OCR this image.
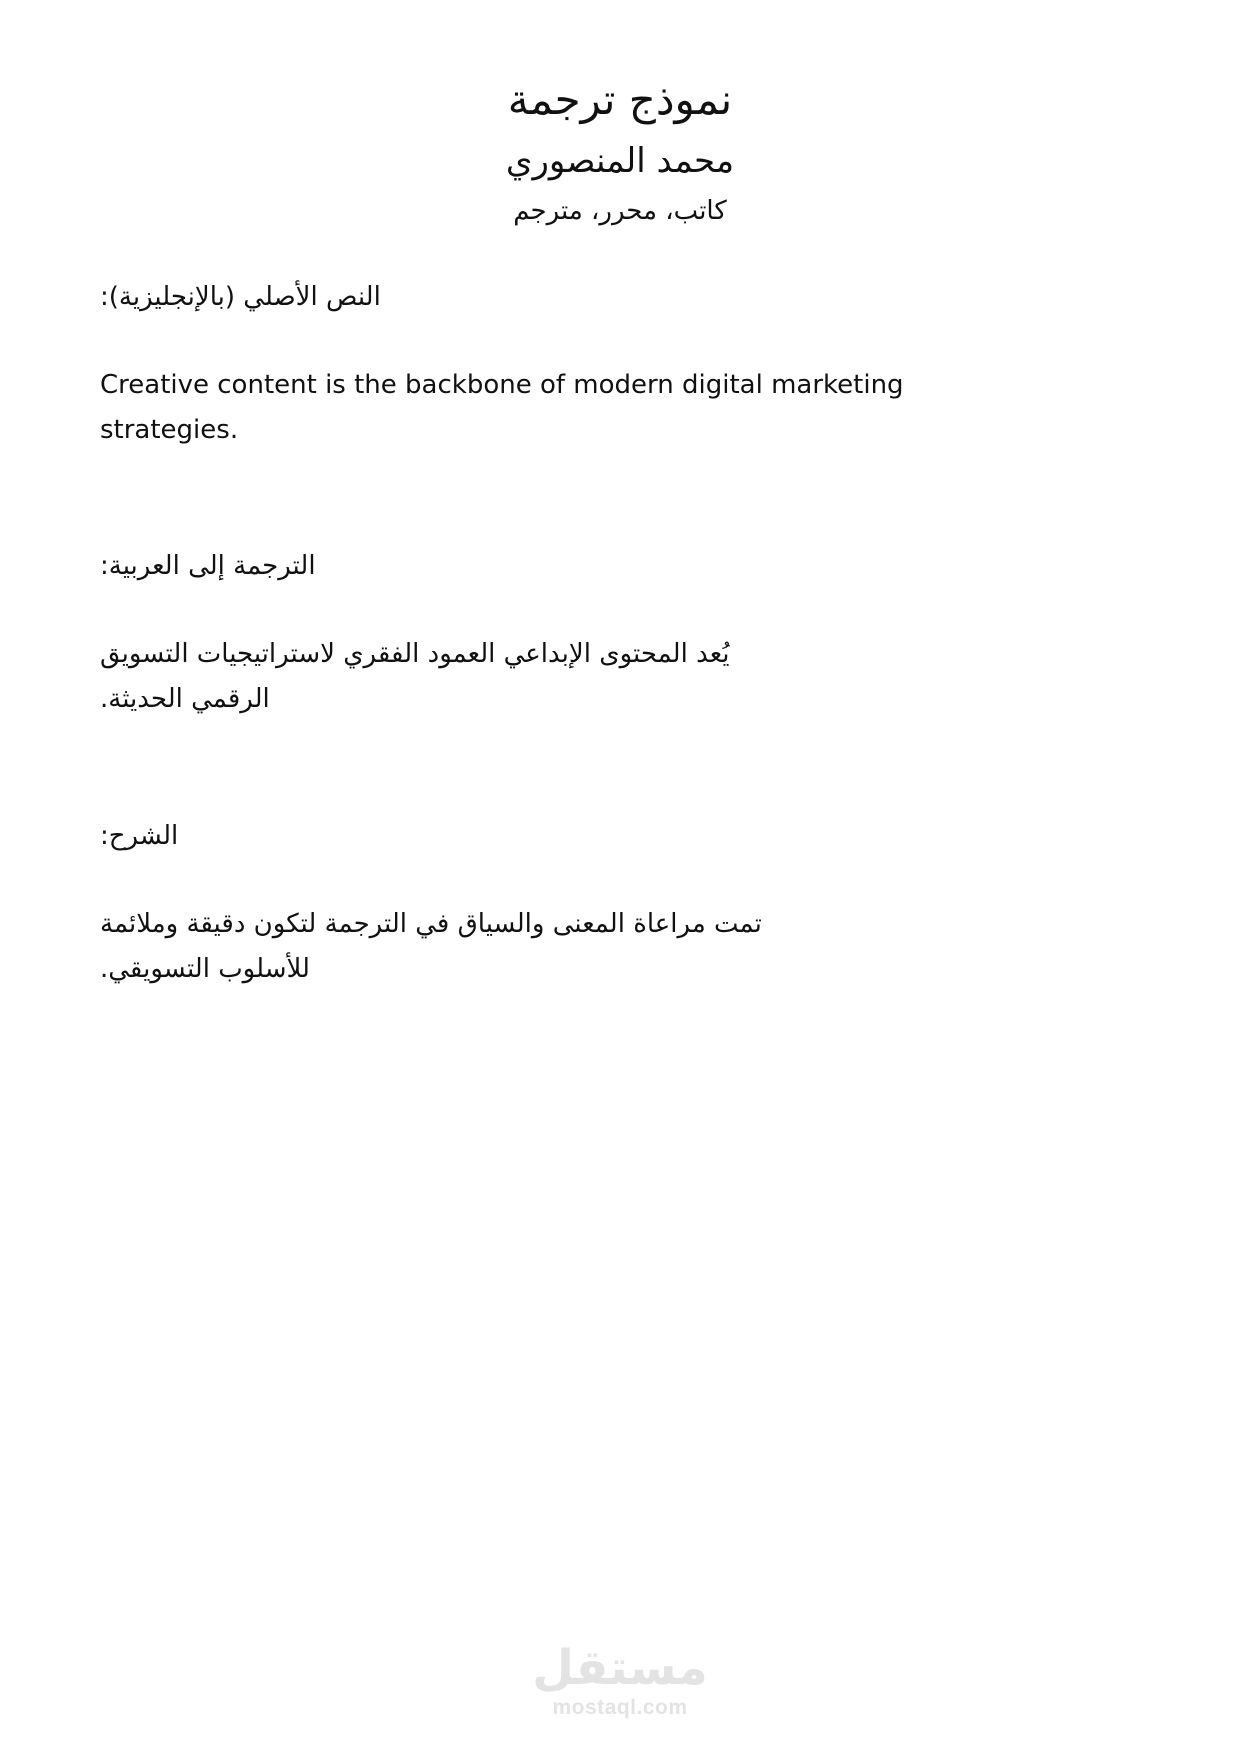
نموذج ترجمة
محمد المنصوري
كاتب، محرر، مترجم
النص الأصلي (بالإنجليزية):
Creative content is the backbone of modern digital marketing
strategies.
الترجمة إلى العربية:
يُعد المحتوى الإبداعي العمود الفقري لاستراتيجيات التسويق
الرقمي الحديثة.
الشرح:
تمت مراعاة المعنى والسياق في الترجمة لتكون دقيقة وملائمة
للأسلوب التسويقي.
مستقل
mostaql.com
